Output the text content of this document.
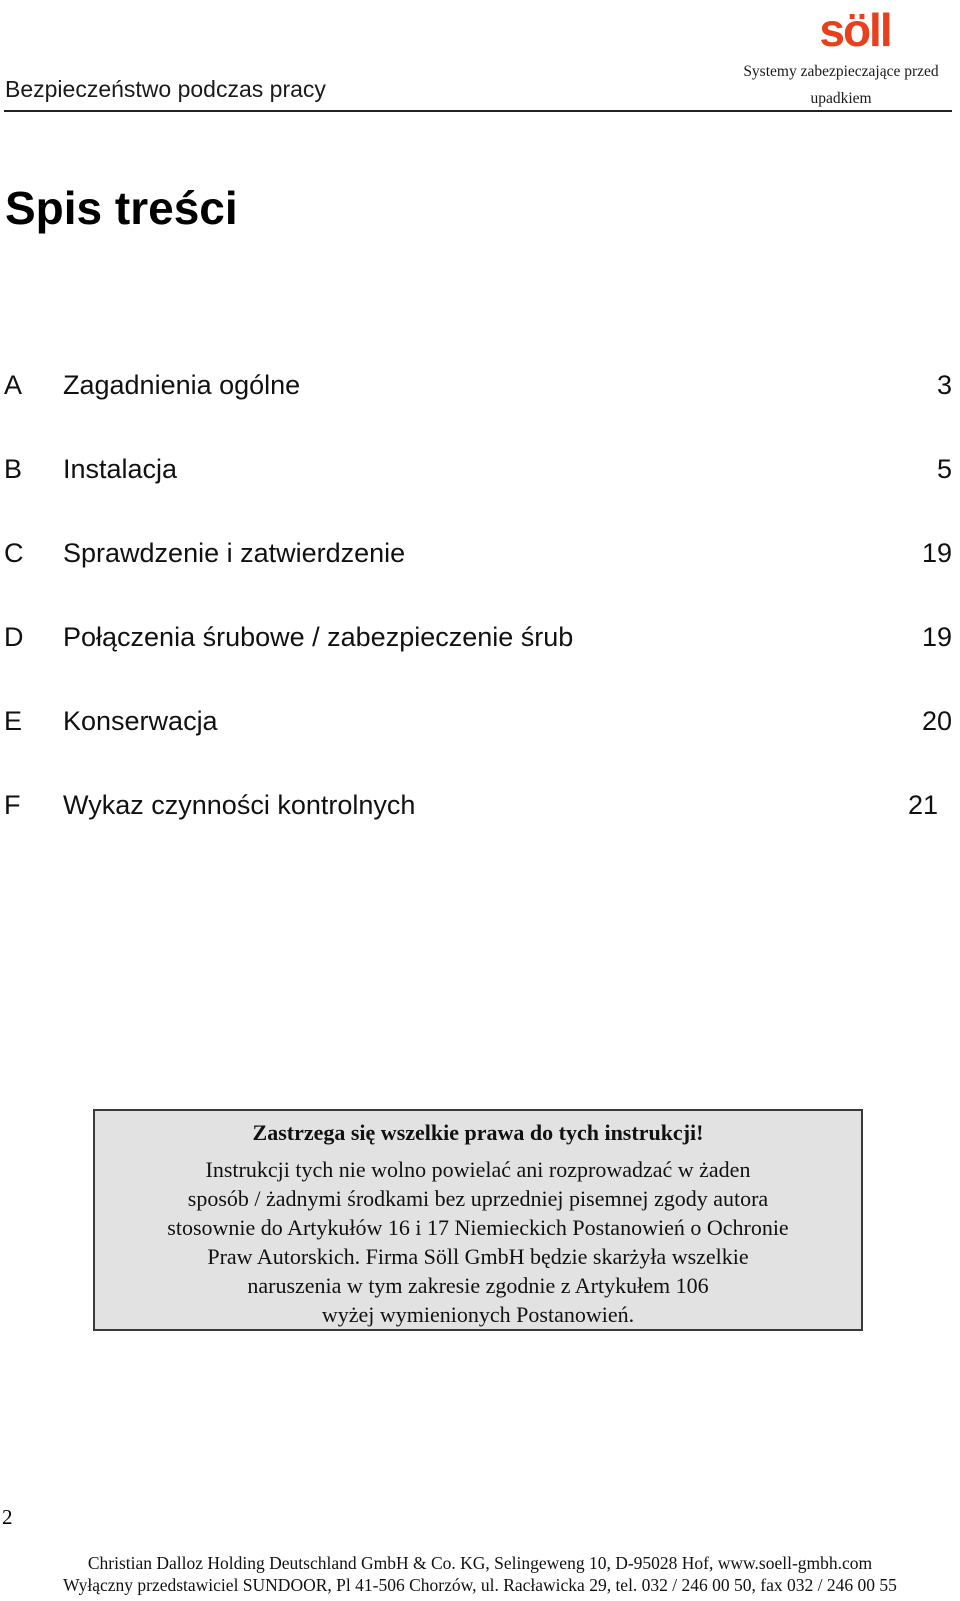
Bezpieczeństwo podczas pracy
söll
Systemy zabezpieczające przed
upadkiem
Spis treści
A Zagadnienia ogólne	3
B Instalacja	5
C Sprawdzenie i zatwierdzenie	19
D Połączenia śrubowe / zabezpieczenie śrub	19
E Konserwacja	20
F Wykaz czynności kontrolnych	21
Zastrzega się wszelkie prawa do tych instrukcji!
Instrukcji tych nie wolno powielać ani rozprowadzać w żaden
sposób / żadnymi środkami bez uprzedniej pisemnej zgody autora
stosownie do Artykułów 16 i 17 Niemieckich Postanowień o Ochronie
Praw Autorskich. Firma Söll GmbH będzie skarżyła wszelkie
naruszenia w tym zakresie zgodnie z Artykułem 106
wyżej wymienionych Postanowień.
2
Christian Dalloz Holding Deutschland GmbH & Co. KG, Selingeweng 10, D-95028 Hof, www.soell-gmbh.com
Wyłączny przedstawiciel SUNDOOR, Pl 41-506 Chorzów, ul. Racławicka 29, tel. 032 / 246 00 50, fax 032 / 246 00 55
